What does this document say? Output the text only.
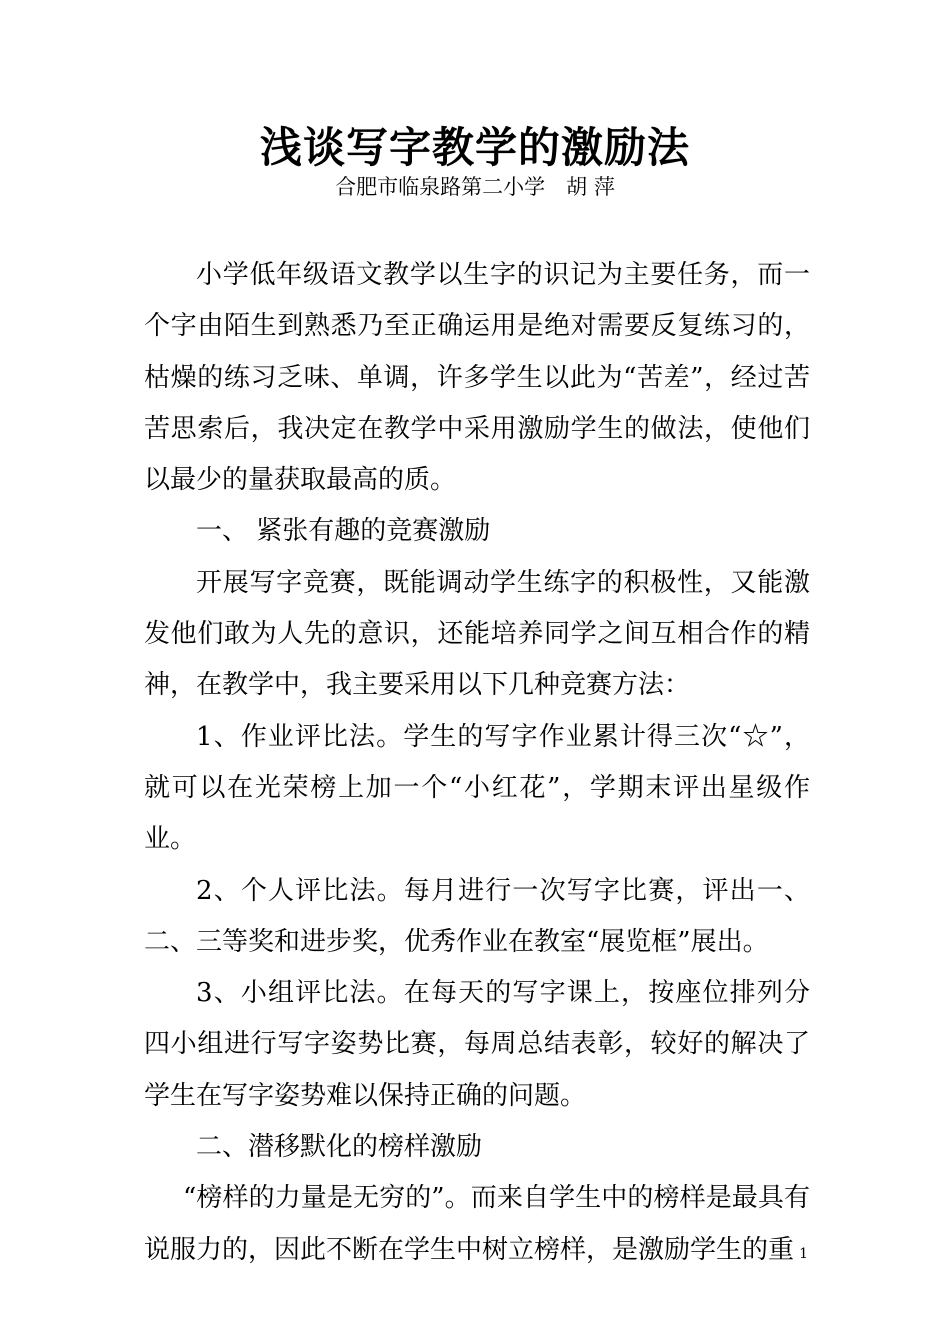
浅谈写字教学的激励法
合肥市临泉路第二小学　胡 萍

小学低年级语文教学以生字的识记为主要任务，而一个字由陌生到熟悉乃至正确运用是绝对需要反复练习的，枯燥的练习乏味、单调，许多学生以此为“苦差”，经过苦苦思索后，我决定在教学中采用激励学生的做法，使他们以最少的量获取最高的质。

一、 紧张有趣的竞赛激励

开展写字竞赛，既能调动学生练字的积极性，又能激发他们敢为人先的意识，还能培养同学之间互相合作的精神，在教学中，我主要采用以下几种竞赛方法：

1、作业评比法。学生的写字作业累计得三次“☆”，就可以在光荣榜上加一个“小红花”，学期末评出星级作业。

2、个人评比法。每月进行一次写字比赛，评出一、二、三等奖和进步奖，优秀作业在教室“展览框”展出。

3、小组评比法。在每天的写字课上，按座位排列分四小组进行写字姿势比赛，每周总结表彰，较好的解决了学生在写字姿势难以保持正确的问题。

二、潜移默化的榜样激励

“榜样的力量是无穷的”。而来自学生中的榜样是最具有说服力的，因此不断在学生中树立榜样，是激励学生的重 1
